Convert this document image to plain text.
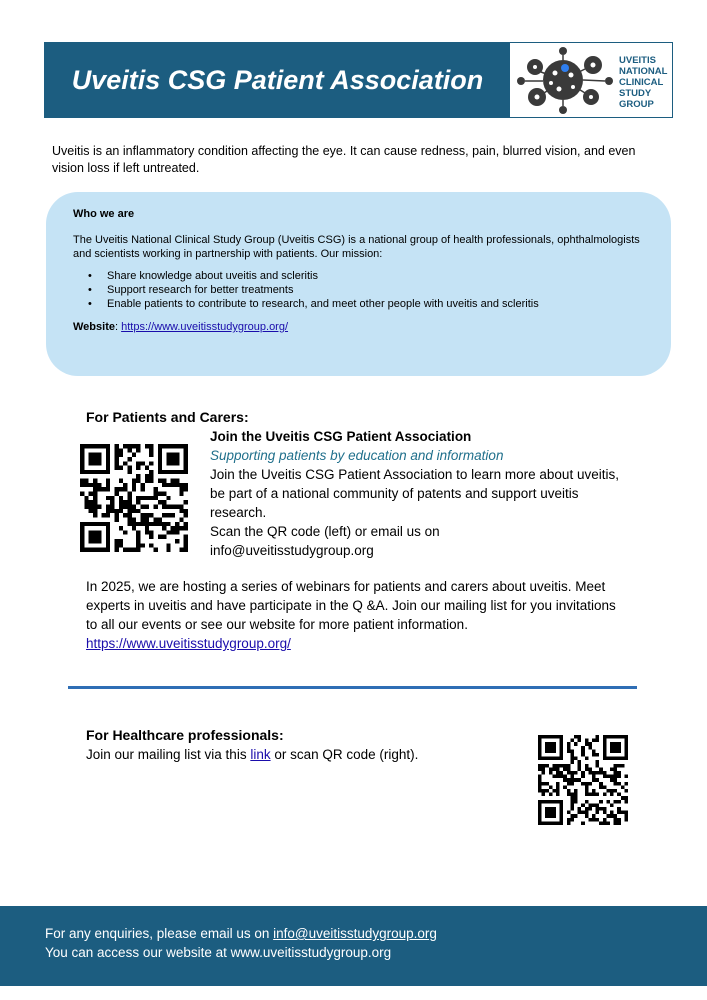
Uveitis CSG Patient Association
UVEITIS
NATIONAL
CLINICAL
STUDY
GROUP
Uveitis is an inflammatory condition affecting the eye. It can cause redness, pain, blurred vision, and even vision loss if left untreated.
Who we are
The Uveitis National Clinical Study Group (Uveitis CSG) is a national group of health professionals, ophthalmologists and scientists working in partnership with patients. Our mission:
• Share knowledge about uveitis and scleritis
• Support research for better treatments
• Enable patients to contribute to research, and meet other people with uveitis and scleritis
Website: https://www.uveitisstudygroup.org/
For Patients and Carers:
Join the Uveitis CSG Patient Association
Supporting patients by education and information
Join the Uveitis CSG Patient Association to learn more about uveitis, be part of a national community of patents and support uveitis research.
Scan the QR code (left) or email us on
info@uveitisstudygroup.org
In 2025, we are hosting a series of webinars for patients and carers about uveitis. Meet experts in uveitis and have participate in the Q &A. Join our mailing list for you invitations to all our events or see our website for more patient information.
https://www.uveitisstudygroup.org/
For Healthcare professionals:
Join our mailing list via this link or scan QR code (right).
For any enquiries, please email us on info@uveitisstudygroup.org
You can access our website at www.uveitisstudygroup.org
